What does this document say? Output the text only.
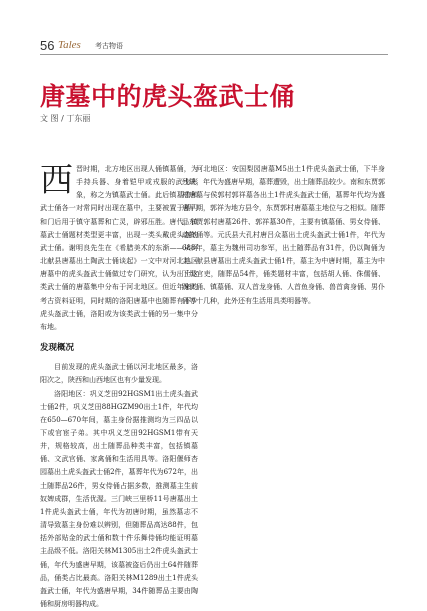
56 Tales 考古物语
唐墓中的虎头盔武士俑
文 图 / 丁东丽

西晋时期，北方地区出现人俑镇墓俑，为手持兵器、身着铠甲或戎服的武士形象，称之为镇墓武士俑。此后镇墓兽和武士俑各一对常同时出现在墓中，主要被置于墓门和门后用于镇守墓葬和亡灵，辟邪压胜。唐代，镇墓武士俑题材类型更丰富，出现一类头戴虎头盔的武士俑。谢明良先生在《希腊美术的东渐——从河北献县唐墓出土陶武士俑谈起》一文中对河北地区唐墓中的虎头盔武士俑做过专门研究，认为出土这类武士俑的唐墓集中分布于河北地区。但近年来的考古资料证明，同时期的洛阳唐墓中也随葬有不少虎头盔武士俑，洛阳或为该类武士俑的另一集中分布地。

发现概况

目前发现的虎头盔武士俑以河北地区最多，洛阳次之，陕西和山西地区也有少量发现。

洛阳地区：巩义芝田92HGSM1出土虎头盔武士俑2件，巩义芝田88HGZM90出土1件，年代均在650—670年间，墓主身份据推测均为三四品以下或官宦子弟。其中巩义芝田92HGSM1带有天井，规格较高，出土随葬品种类丰富，包括镇墓俑、文武官俑、家禽俑和生活用具等。洛阳偃师杏园墓出土虎头盔武士俑2件，墓葬年代为672年，出土随葬品26件，男女侍俑占据多数，推测墓主生前奴婢成群，生活优渥。三门峡三里桥11号唐墓出土1件虎头盔武士俑，年代为初唐时期，虽然墓志不清导致墓主身份难以辨别，但随葬品高达88件，包括外部贴金的武士俑和数十件乐舞侍俑均能证明墓主品级不低。洛阳关林M1305出土2件虎头盔武士俑，年代为盛唐早期，该墓被盗后仍出土64件随葬品，俑类占比最高。洛阳关林M1289出土1件虎头盔武士俑，年代为盛唐早期，34件随葬品主要由陶俑和厨房明器构成。

河北地区：安国梨园唐墓M5出土1件虎头盔武士俑，下半身残缺，年代为盛唐早期，墓葬遭毁，出土随葬品较少。南和东贾郭村唐墓与侯郭村郭祥墓各出土1件虎头盔武士俑，墓葬年代均为盛唐早期，郭祥为地方县令，东贾郭村唐墓墓主地位与之相似。随葬品东贾郭村唐墓26件、郭祥墓30件，主要有镇墓俑、男女侍俑、动物俑等。元氏县大孔村唐吕众墓出土虎头盔武士俑1件，年代为688年，墓主为魏州司功参军，出土随葬品有31件，仍以陶俑为主。献县唐墓出土虎头盔武士俑1件，墓主为中唐时期，墓主为中下级官吏，随葬品54件，俑类题材丰富，包括胡人俑、侏儒俑、跪伏俑、镇墓俑、双人首龙身俑、人首鱼身俑、兽首禽身俑、男仆俑等十几种，此外还有生活用具类明器等。
